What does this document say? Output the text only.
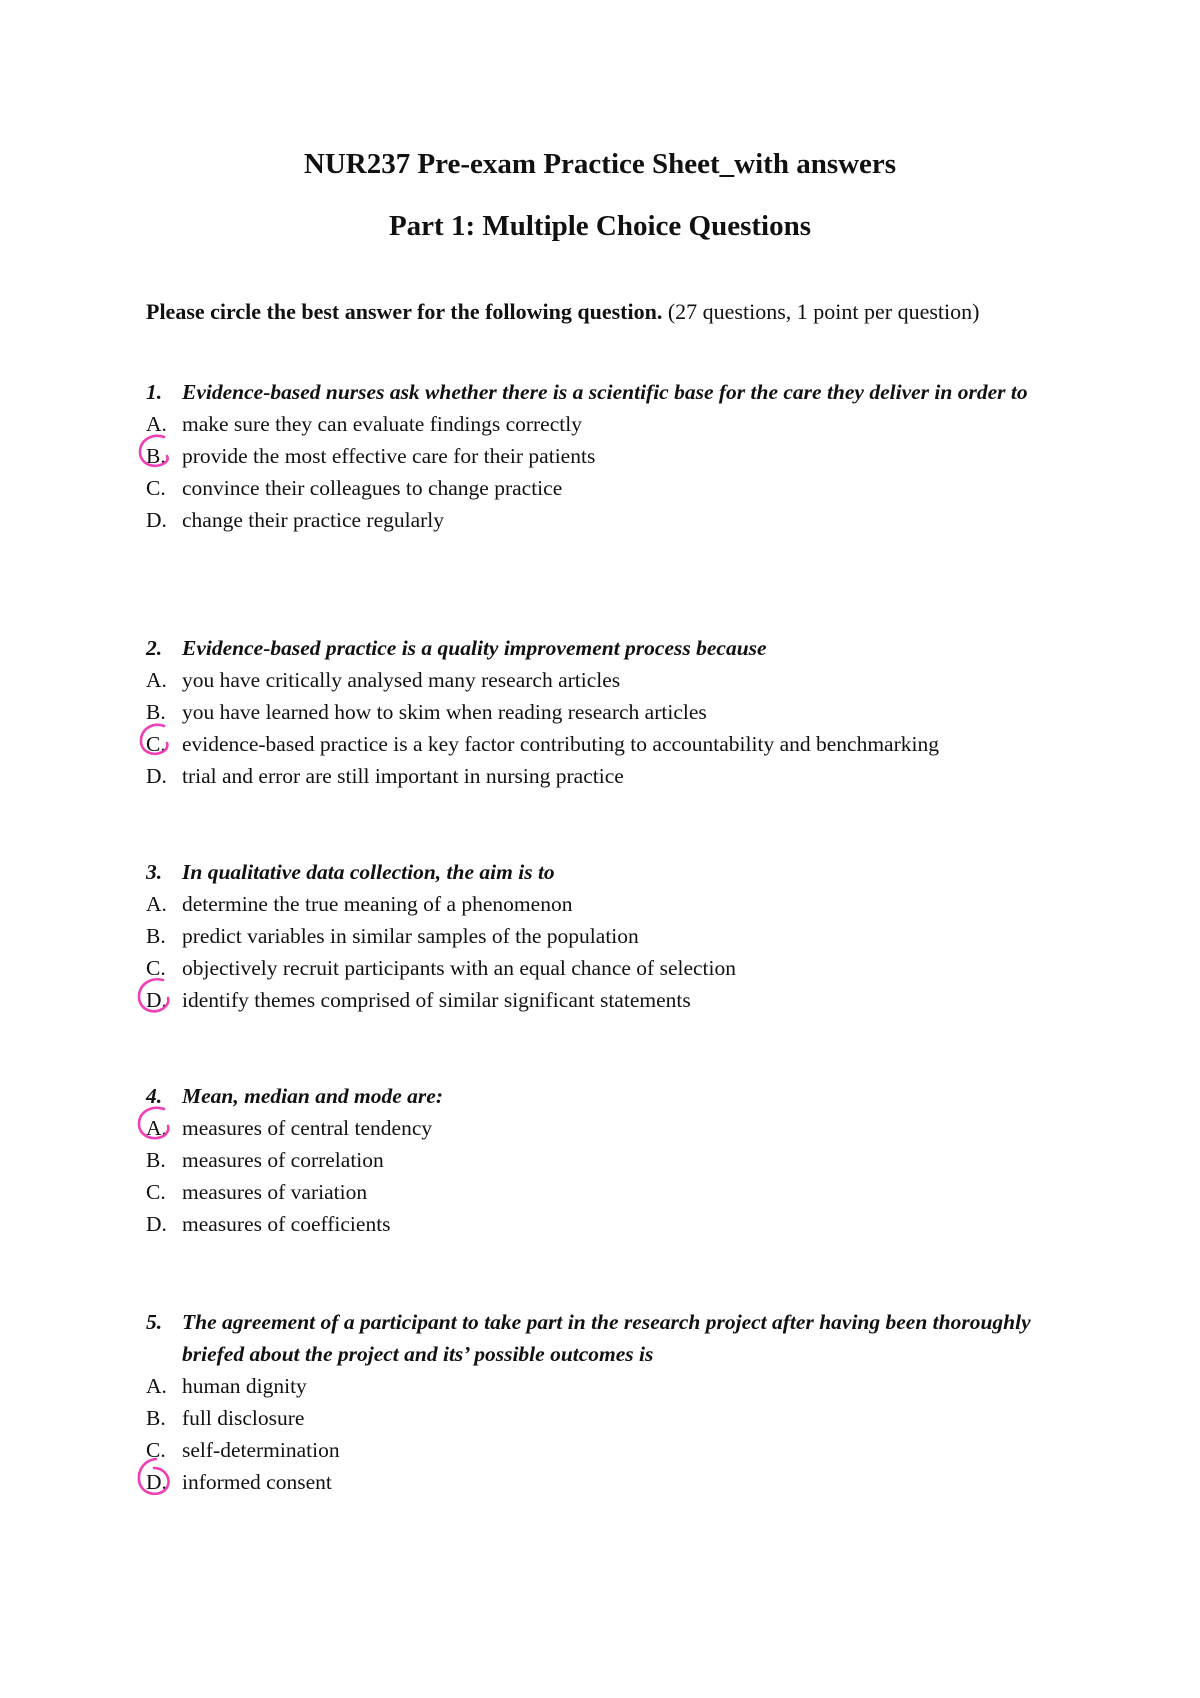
NUR237 Pre-exam Practice Sheet_with answers
Part 1: Multiple Choice Questions

Please circle the best answer for the following question. (27 questions, 1 point per question)

1. Evidence-based nurses ask whether there is a scientific base for the care they deliver in order to
A. make sure they can evaluate findings correctly
B. provide the most effective care for their patients
C. convince their colleagues to change practice
D. change their practice regularly
2. Evidence-based practice is a quality improvement process because
A. you have critically analysed many research articles
B. you have learned how to skim when reading research articles
C. evidence-based practice is a key factor contributing to accountability and benchmarking
D. trial and error are still important in nursing practice
3. In qualitative data collection, the aim is to
A. determine the true meaning of a phenomenon
B. predict variables in similar samples of the population
C. objectively recruit participants with an equal chance of selection
D. identify themes comprised of similar significant statements
4. Mean, median and mode are:
A. measures of central tendency
B. measures of correlation
C. measures of variation
D. measures of coefficients
5. The agreement of a participant to take part in the research project after having been thoroughly briefed about the project and its’ possible outcomes is
A. human dignity
B. full disclosure
C. self-determination
D. informed consent
